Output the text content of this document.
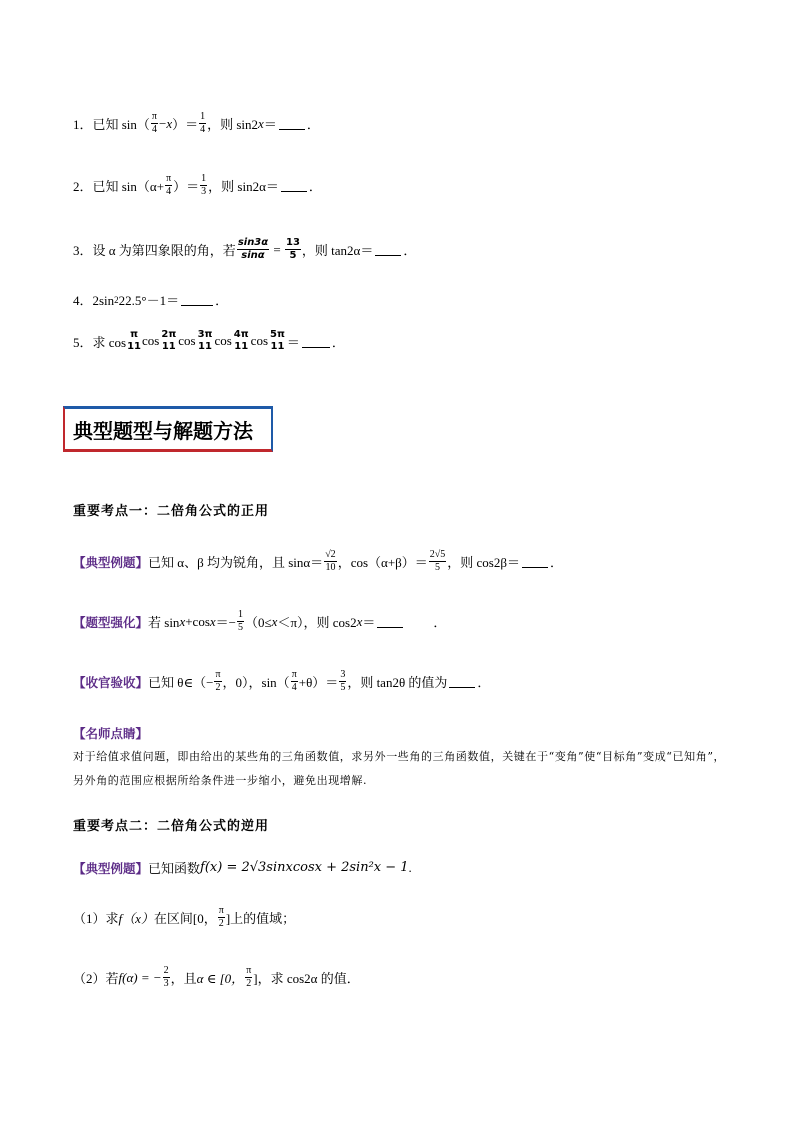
1．已知 $\sin( \frac{\pi}{4} - x$ ）＝ $\frac{1}{4}$ ，则 sin2 x ＝ ．
2．已知 $\sin(\alpha+ \frac{\pi}{4}$ ）＝ $\frac{1}{3}$ ，则 sin2α＝ ．
3．设 α 为第四象限的角，若 $\frac{\sin 3\alpha}{\sin\alpha} = \frac{13}{5}$ ，则 tan2α＝ ．
4．2sin 2 22.5°－1＝	．
5．求 cos π
11 cos 2π
11 cos 3π
11 cos 4π
11 cos 5π
11 ＝ ．
典型题型与解题方法
重要考点一：二倍角公式的正用
【典型例题】 已知 α、β 均为锐角，且 $\sin\alpha= \frac{√2}{10}$ ，$\cos(\alpha+\beta)= \frac{2√5}{5}$ ，则 cos2β＝ ．
【题型强化】 若 sin x +cos $x =- \frac{1}{5} (0\le x <\pi)$，则 cos2 x ＝	．
【收官验收】 已知 θ∈（− $\frac{\pi}{2}$ ，0），$\sin( \frac{\pi}{4} +\theta)= \frac{3}{5}$ ，则 tan2θ 的值为 ．
【名师点睛】
对于给值求值问题，即由给出的某些角的三角函数值，求另外一些角的三角函数值，关键在于“变角”使“目标角”变成“已知角”，另外角的范围应根据所给条件进一步缩小，避免出现增解.
重要考点二：二倍角公式的逆用
【典型例题】 已知函数 f(x) = 2√3sinxcosx + 2sin²x − 1 .
（1）求 f（x） 在区间[0， $\frac{\pi}{2}$ ]上的值域；
（2）若 f(α) = − $\frac{2}{3}$ ，且 α ∈ [0， $\frac{\pi}{2}$ ]，求 cos2α 的值．
